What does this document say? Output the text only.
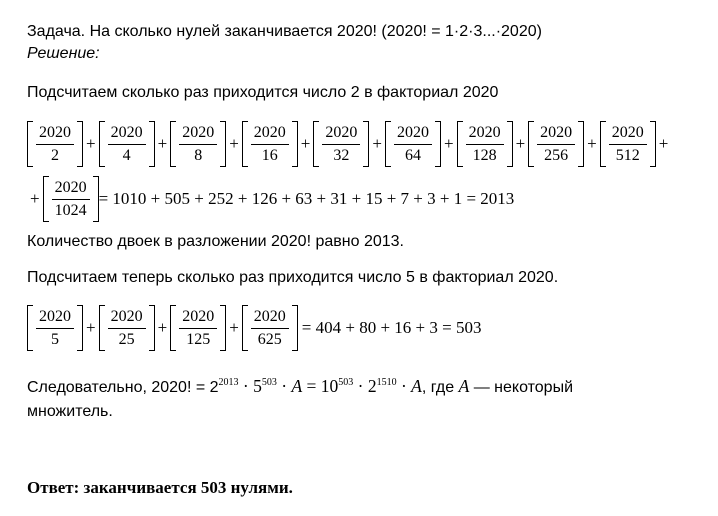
Задача. На сколько нулей заканчивается 2020! (2020! = 1·2·3...·2020)
Решение:
Подсчитаем сколько раз приходится число 2 в факториал 2020
$\frac{2020}{2} + \frac{2020}{4} + \frac{2020}{8} + \frac{2020}{16} + \frac{2020}{32} + \frac{2020}{64} + \frac{2020}{128} + \frac{2020}{256} + \frac{2020}{512}$ +
+ $\frac{2020}{1024} = 1010 + 505 + 252 + 126 + 63 + 31 + 15 + 7 + 3 + 1 = 2013$
Количество двоек в разложении 2020! равно 2013.
Подсчитаем теперь сколько раз приходится число 5 в факториал 2020.
$\frac{2020}{5} + \frac{2020}{25} + \frac{2020}{125} + \frac{2020}{625} = 404 + 80 + 16 + 3 = 503$
Следовательно, 2020! = $2^{2013} \cdot 5^{503} \cdot A = 10^{503} \cdot 2^{1510} \cdot A$, где A — некоторый
множитель.
Ответ: заканчивается 503 нулями.
